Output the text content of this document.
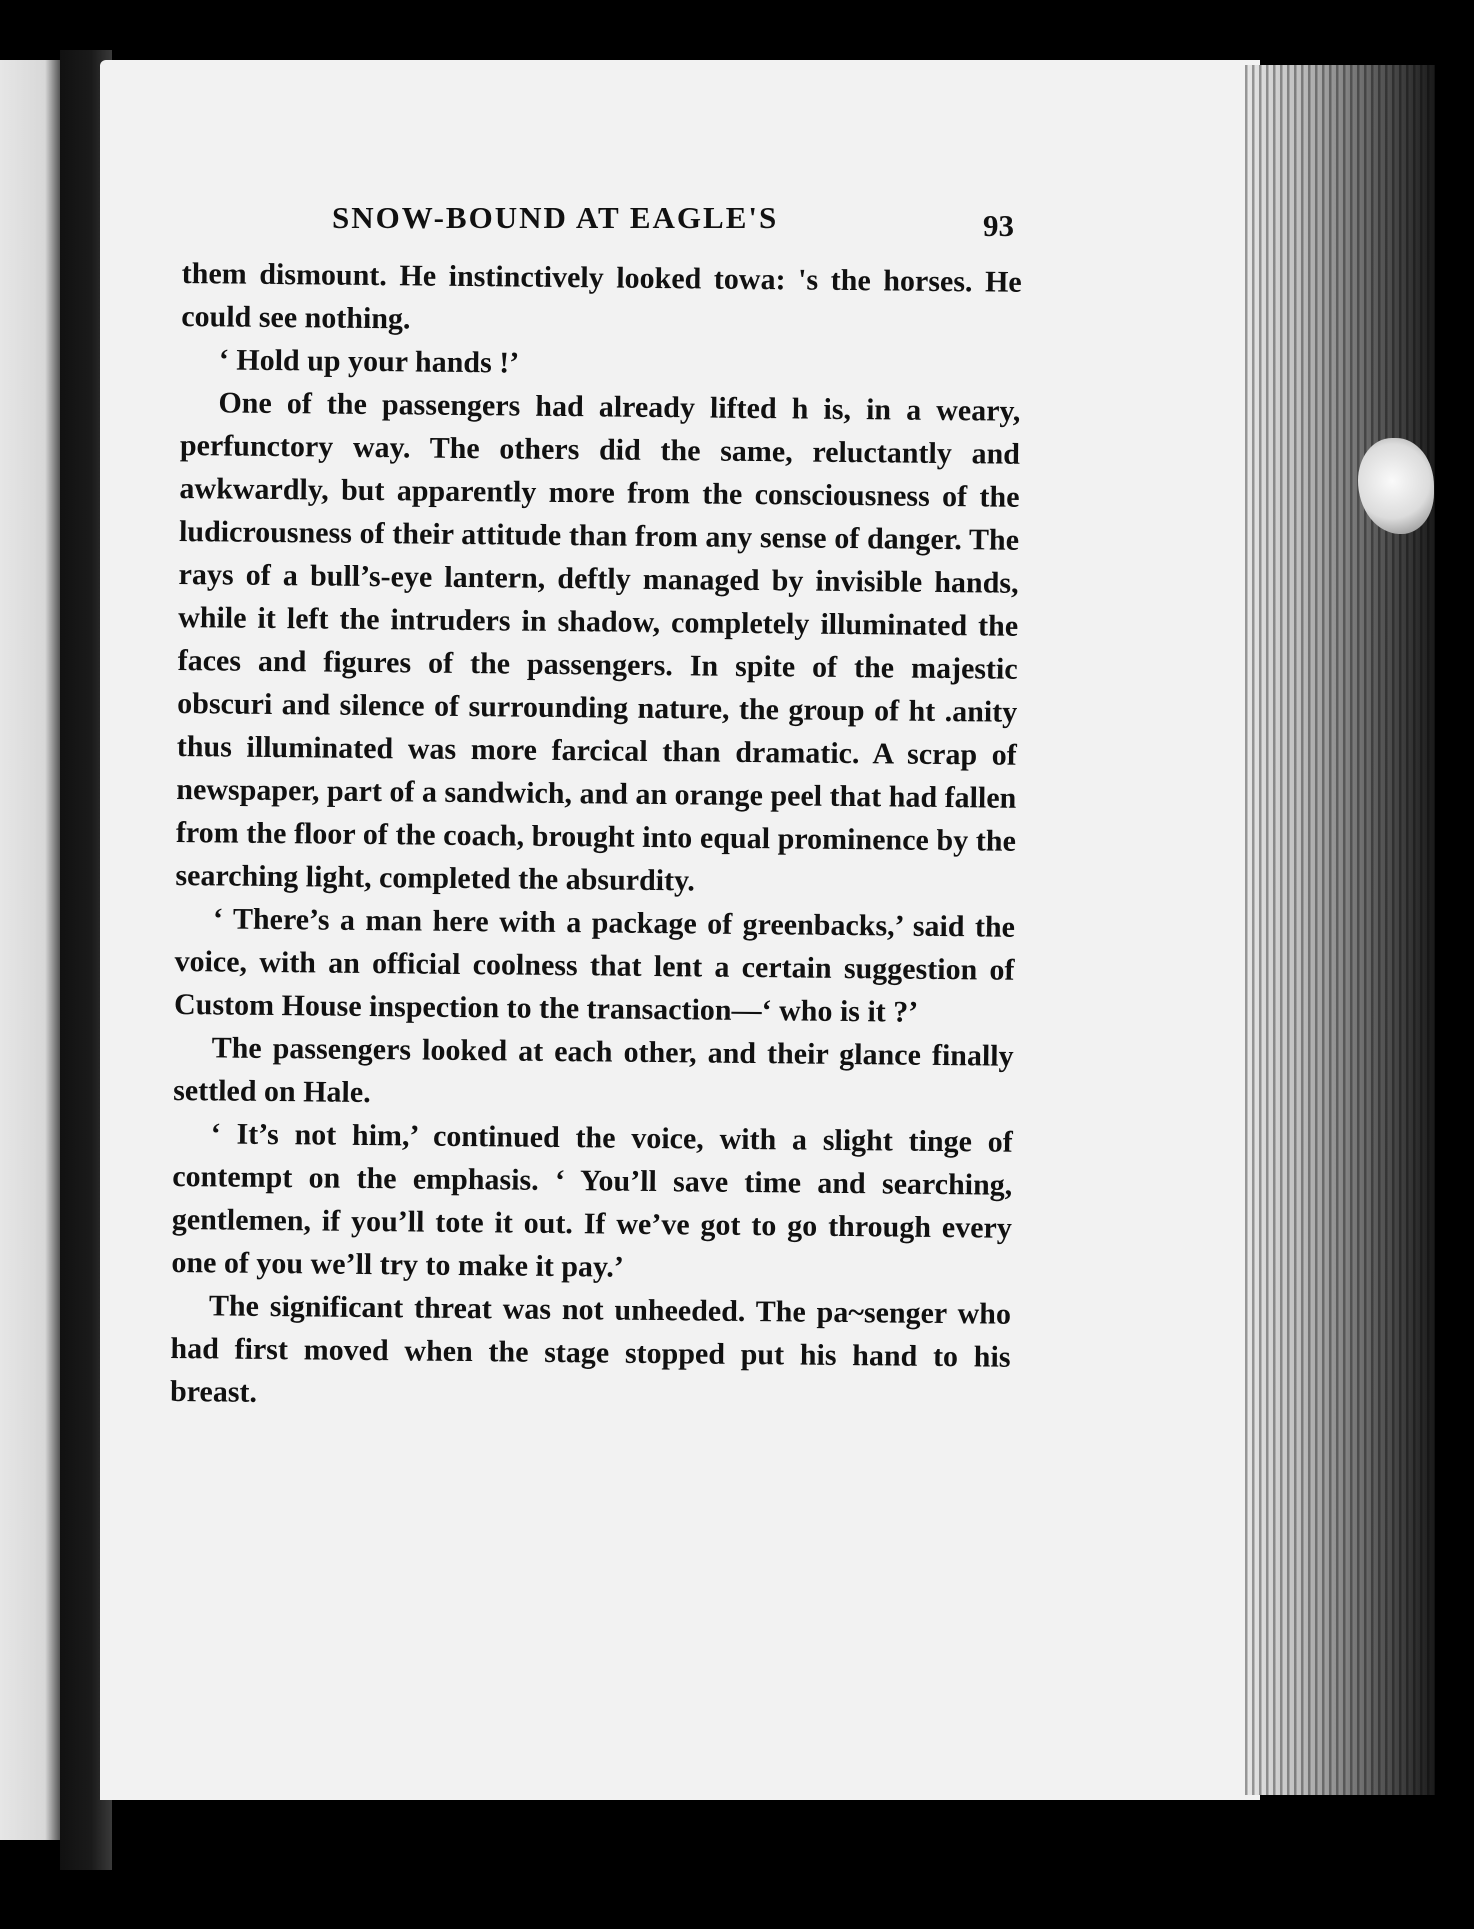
SNOW-BOUND AT EAGLE'S	93

them dismount. He instinctively looked towa: 's the horses. He could see nothing.

‘ Hold up your hands !’

One of the passengers had already lifted h is, in a weary, perfunctory way. The others did the same, reluctantly and awkwardly, but apparently more from the consciousness of the ludicrousness of their attitude than from any sense of danger. The rays of a bull’s-eye lantern, deftly managed by invisible hands, while it left the intruders in shadow, completely illuminated the faces and figures of the passengers. In spite of the majestic obscuri and silence of surrounding nature, the group of ht .anity thus illuminated was more farcical than dramatic. A scrap of newspaper, part of a sandwich, and an orange peel that had fallen from the floor of the coach, brought into equal prominence by the searching light, completed the absurdity.

‘ There’s a man here with a package of greenbacks,’ said the voice, with an official coolness that lent a certain suggestion of Custom House inspection to the transaction—‘ who is it ?’

The passengers looked at each other, and their glance finally settled on Hale.

‘ It’s not him,’ continued the voice, with a slight tinge of contempt on the emphasis. ‘ You’ll save time and searching, gentlemen, if you’ll tote it out. If we’ve got to go through every one of you we’ll try to make it pay.’

The significant threat was not unheeded. The pa~senger who had first moved when the stage stopped put his hand to his breast.
